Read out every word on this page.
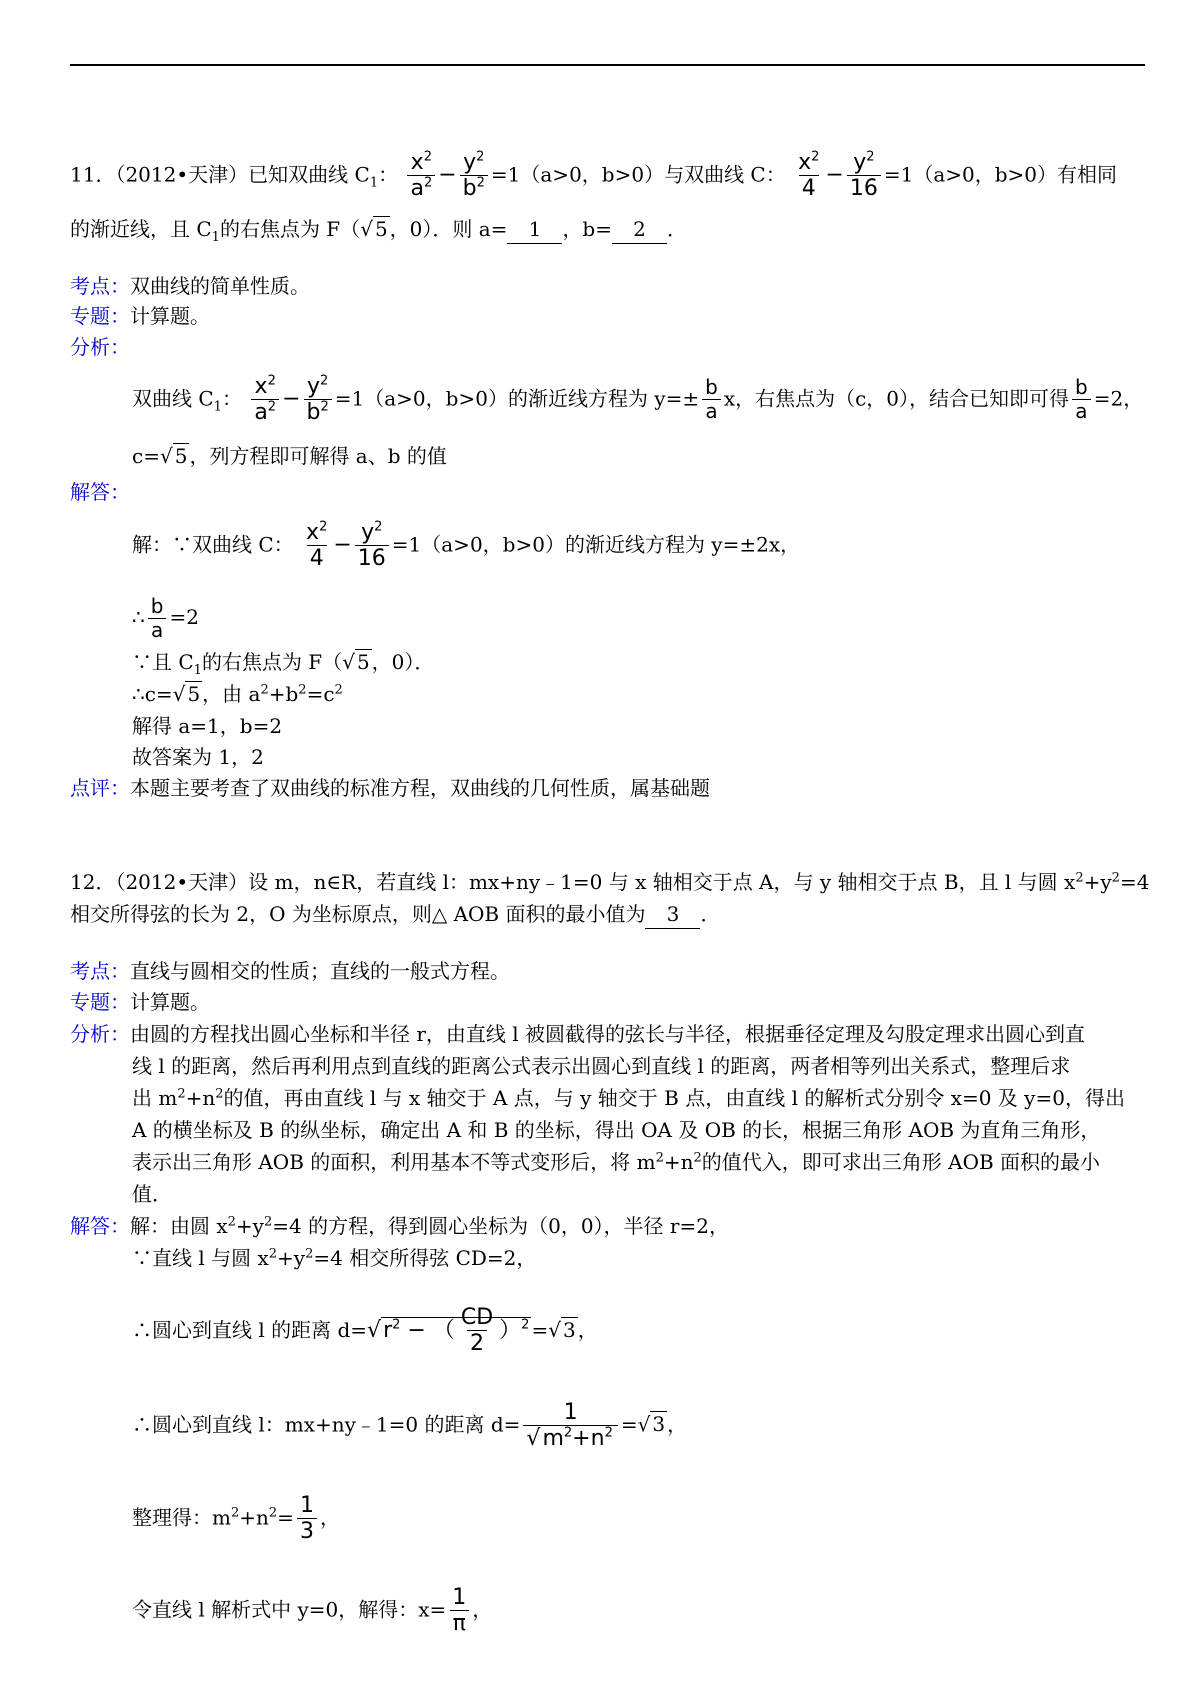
11．（2012•天津）已知双曲线 $C_1$： $\frac{x^2}{a^2} - \frac{y^2}{b^2} =1(a>0$，b>0）与双曲线 C： $\frac{x^2}{4} - \frac{y^2}{16} =1(a>0$，b>0）有相同
的渐近线，且 $C_1$的右焦点为 F（√ 5 ，0）．则 a= 1 ，b= 2 ．
考点：双曲线的简单性质。
专题：计算题。
分析：
双曲线 $C_1$： $\frac{x^2}{a^2} - \frac{y^2}{b^2} =1(a>0$，b>0）的渐近线方程为 $y=\pm \frac{b}{a}$ x，右焦点为（c，0），结合已知即可得 $\frac{b}{a} =2$，
c=√ 5 ，列方程即可解得 a、b 的值
解答：
解：∵双曲线 C： $\frac{x^2}{4} - \frac{y^2}{16} =1(a>0$，b>0）的渐近线方程为 y=±2x，
∴ $\frac{b}{a} =2$
∵且 $C_1$的右焦点为 F（√ 5 ，0）．
∴c=√ 5 ，由 $a^2+b^2=c^2$
解得 a=1，b=2
故答案为 1，2
点评：本题主要考查了双曲线的标准方程，双曲线的几何性质，属基础题
12．（2012•天津）设 m，n∈R，若直线 l：mx+ny﹣1=0 与 x 轴相交于点 A，与 y 轴相交于点 B，且 l 与圆 $x^2+y^2=4$
相交所得弦的长为 2，O 为坐标原点，则△ AOB 面积的最小值为 3 ．
考点：直线与圆相交的性质；直线的一般式方程。
专题：计算题。
分析：由圆的方程找出圆心坐标和半径 r，由直线 l 被圆截得的弦长与半径，根据垂径定理及勾股定理求出圆心到直
线 l 的距离，然后再利用点到直线的距离公式表示出圆心到直线 l 的距离，两者相等列出关系式，整理后求
出 $m^2+n^2$的值，再由直线 l 与 x 轴交于 A 点，与 y 轴交于 B 点，由直线 l 的解析式分别令 x=0 及 y=0，得出
A 的横坐标及 B 的纵坐标，确定出 A 和 B 的坐标，得出 OA 及 OB 的长，根据三角形 AOB 为直角三角形，
表示出三角形 AOB 的面积，利用基本不等式变形后，将 $m^2+n^2$的值代入，即可求出三角形 AOB 面积的最小
值．
解答：解：由圆 $x^2+y^2=4$ 的方程，得到圆心坐标为（0，0），半径 r=2，
∵直线 l 与圆 $x^2+y^2=4$ 相交所得弦 CD=2，
∴圆心到直线 l 的距离 $d=√r^2$ − （ $\frac{CD}{2} )^2$ =√ 3 ，
∴圆心到直线 l：mx+ny﹣1=0 的距离 $d= \frac{1}{√m^2+n^2}$ =√ 3 ，
整理得：$m^2+n^2= \frac{1}{3}$ ，
令直线 l 解析式中 y=0，解得：$x= \frac{1}{\pi}$ ，
